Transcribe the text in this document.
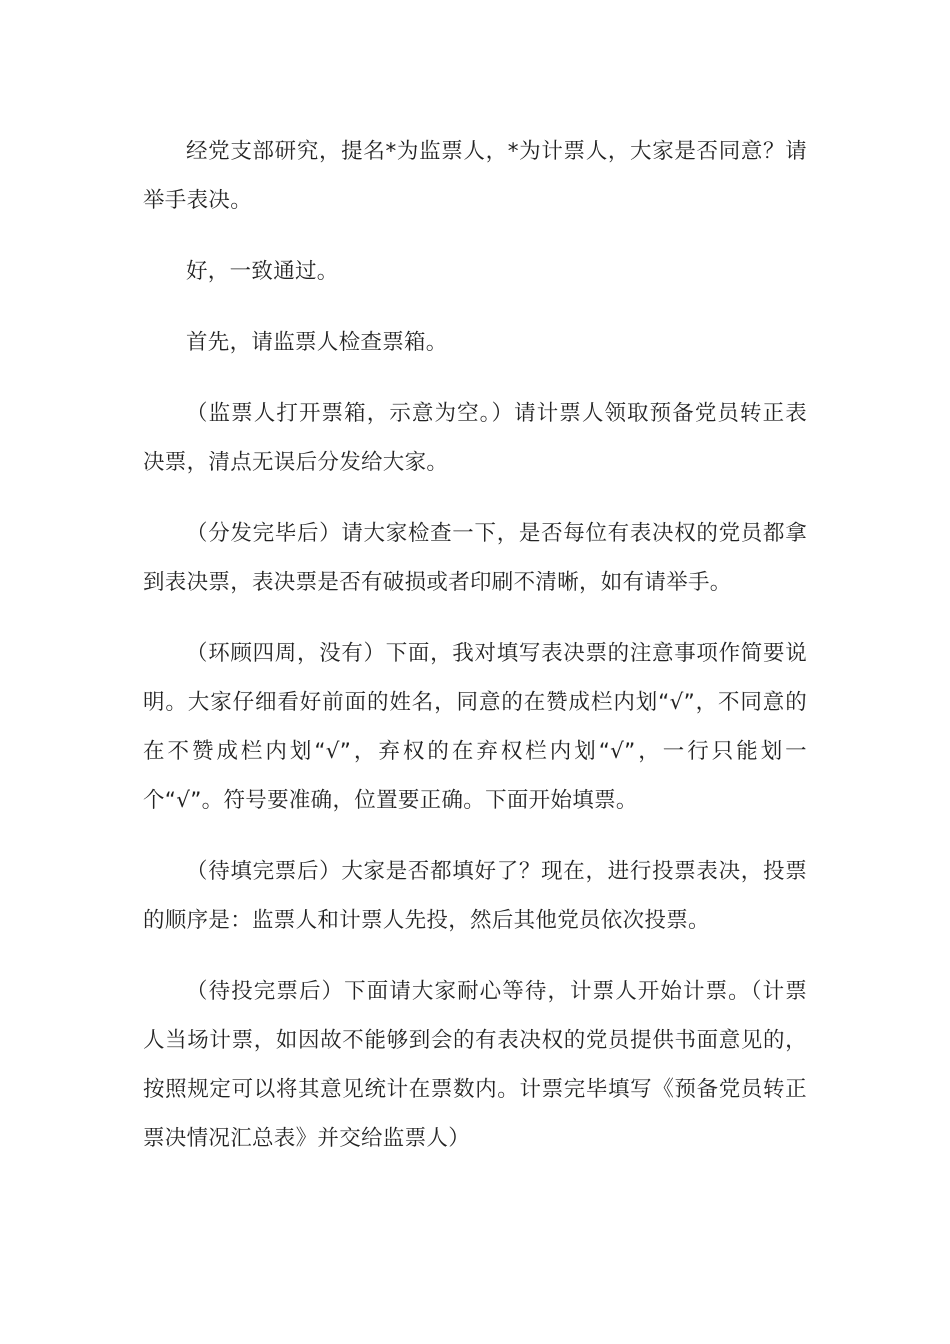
经党支部研究，提名*为监票人，*为计票人，大家是否同意？请举手表决。

好，一致通过。

首先，请监票人检查票箱。

（监票人打开票箱，示意为空。）请计票人领取预备党员转正表决票，清点无误后分发给大家。

（分发完毕后）请大家检查一下，是否每位有表决权的党员都拿到表决票，表决票是否有破损或者印刷不清晰，如有请举手。

（环顾四周，没有）下面，我对填写表决票的注意事项作简要说明。大家仔细看好前面的姓名，同意的在赞成栏内划“√”，不同意的在不赞成栏内划“√”，弃权的在弃权栏内划“√”，一行只能划一个“√”。符号要准确，位置要正确。下面开始填票。

（待填完票后）大家是否都填好了？现在，进行投票表决，投票的顺序是：监票人和计票人先投，然后其他党员依次投票。

（待投完票后）下面请大家耐心等待，计票人开始计票。（计票人当场计票，如因故不能够到会的有表决权的党员提供书面意见的，按照规定可以将其意见统计在票数内。计票完毕填写《预备党员转正票决情况汇总表》并交给监票人）
